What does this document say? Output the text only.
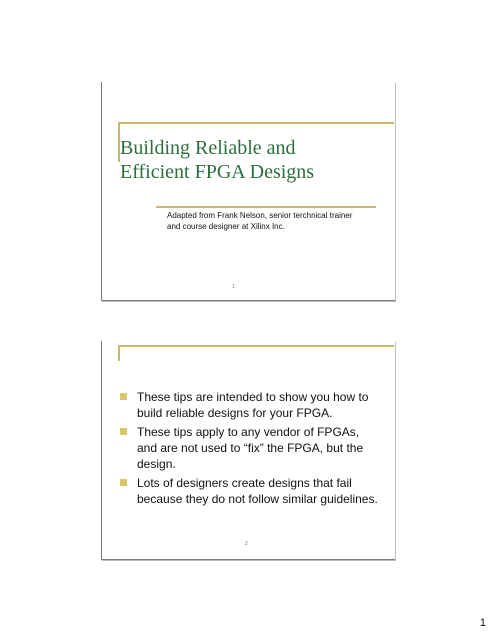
Building Reliable and
Efficient FPGA Designs
Adapted from Frank Nelson, senior terchnical trainer
and course designer at Xilinx Inc.
1
These tips are intended to show you how to
build reliable designs for your FPGA.
These tips apply to any vendor of FPGAs,
and are not used to “fix” the FPGA, but the
design.
Lots of designers create designs that fail
because they do not follow similar guidelines.
2
1
